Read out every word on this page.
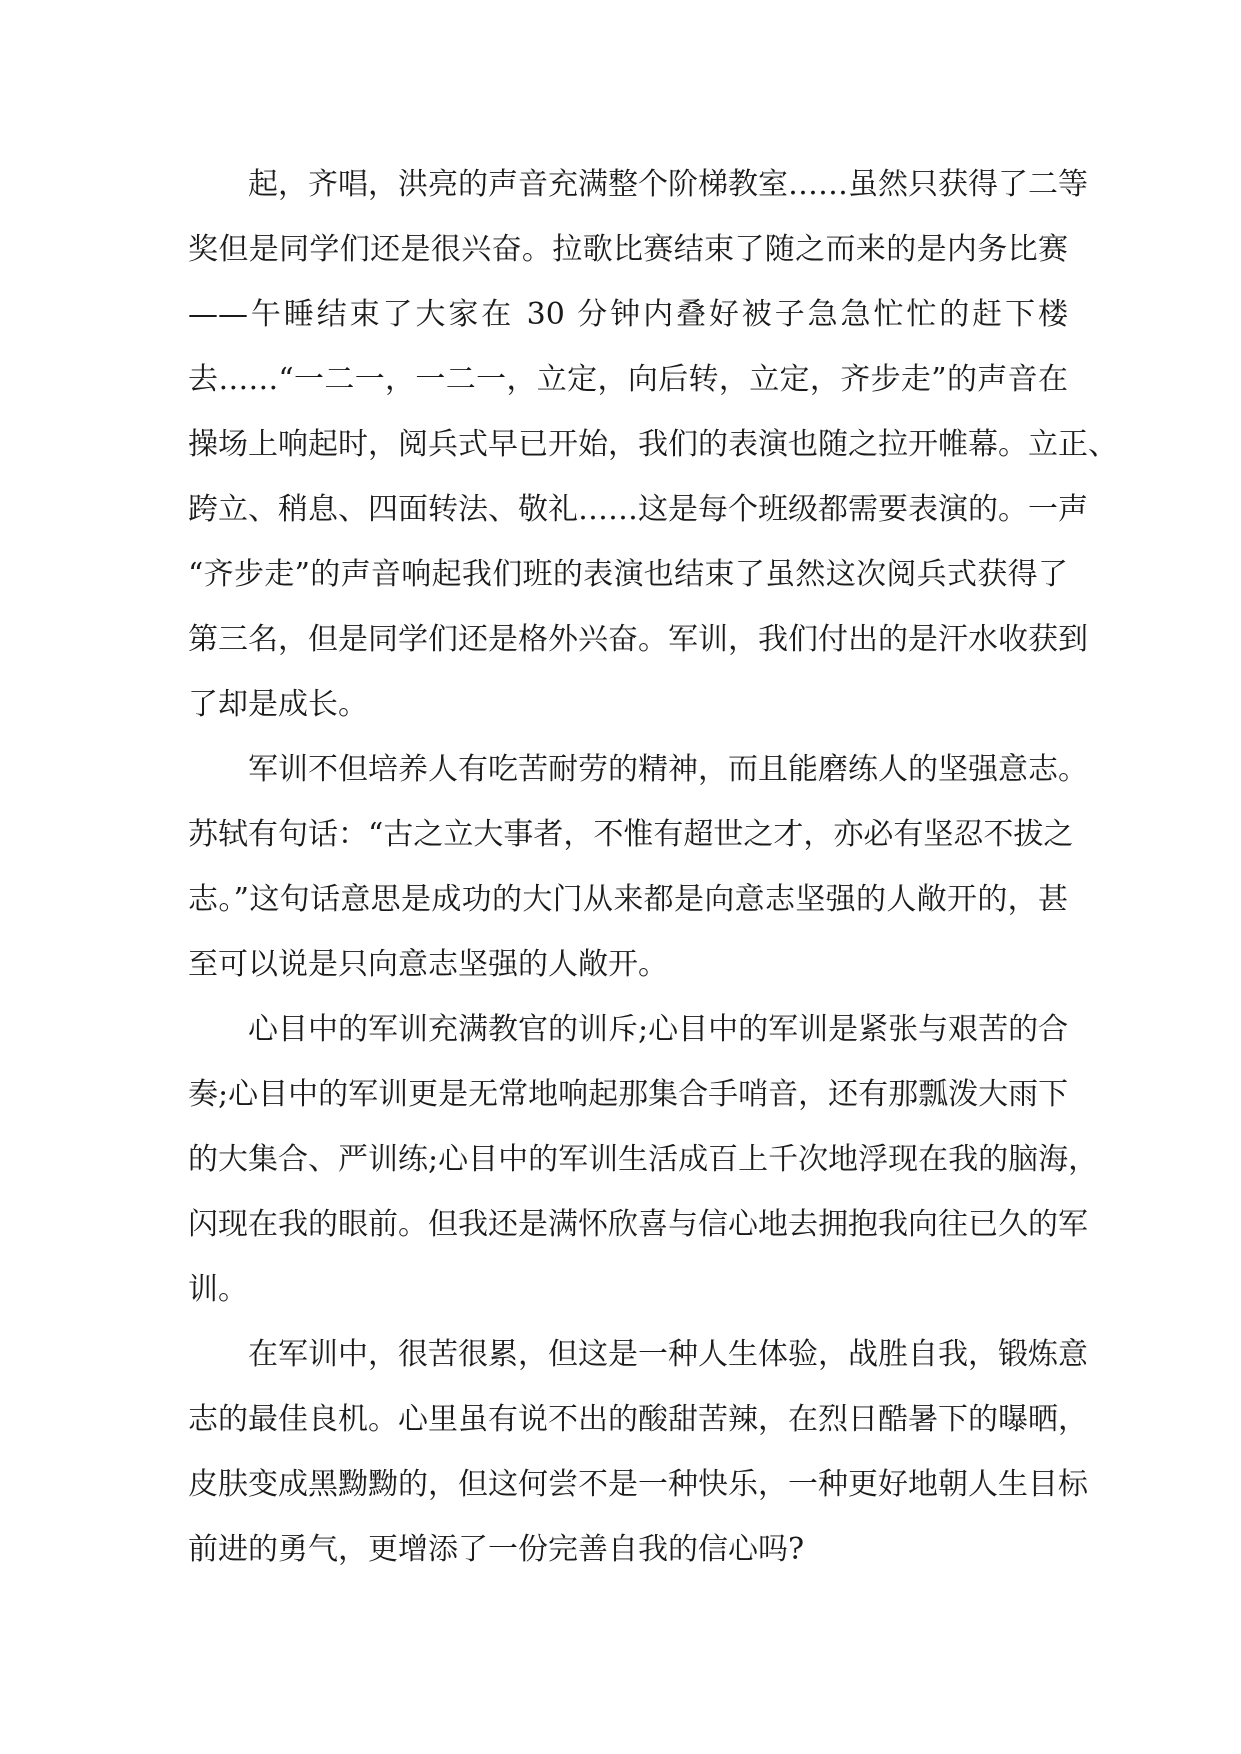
起，齐唱，洪亮的声音充满整个阶梯教室……虽然只获得了二等
奖但是同学们还是很兴奋。拉歌比赛结束了随之而来的是内务比赛
——午睡结束了大家在 30 分钟内叠好被子急急忙忙的赶下楼
去……“一二一，一二一，立定，向后转，立定，齐步走”的声音在
操场上响起时，阅兵式早已开始，我们的表演也随之拉开帷幕。立正、
跨立、稍息、四面转法、敬礼……这是每个班级都需要表演的。一声
“齐步走”的声音响起我们班的表演也结束了虽然这次阅兵式获得了
第三名，但是同学们还是格外兴奋。军训，我们付出的是汗水收获到
了却是成长。
军训不但培养人有吃苦耐劳的精神，而且能磨练人的坚强意志。
苏轼有句话：“古之立大事者，不惟有超世之才，亦必有坚忍不拔之
志。”这句话意思是成功的大门从来都是向意志坚强的人敞开的，甚
至可以说是只向意志坚强的人敞开。
心目中的军训充满教官的训斥;心目中的军训是紧张与艰苦的合
奏;心目中的军训更是无常地响起那集合手哨音，还有那瓢泼大雨下
的大集合、严训练;心目中的军训生活成百上千次地浮现在我的脑海，
闪现在我的眼前。但我还是满怀欣喜与信心地去拥抱我向往已久的军
训。
在军训中，很苦很累，但这是一种人生体验，战胜自我，锻炼意
志的最佳良机。心里虽有说不出的酸甜苦辣，在烈日酷暑下的曝晒，
皮肤变成黑黝黝的，但这何尝不是一种快乐，一种更好地朝人生目标
前进的勇气，更增添了一份完善自我的信心吗?
